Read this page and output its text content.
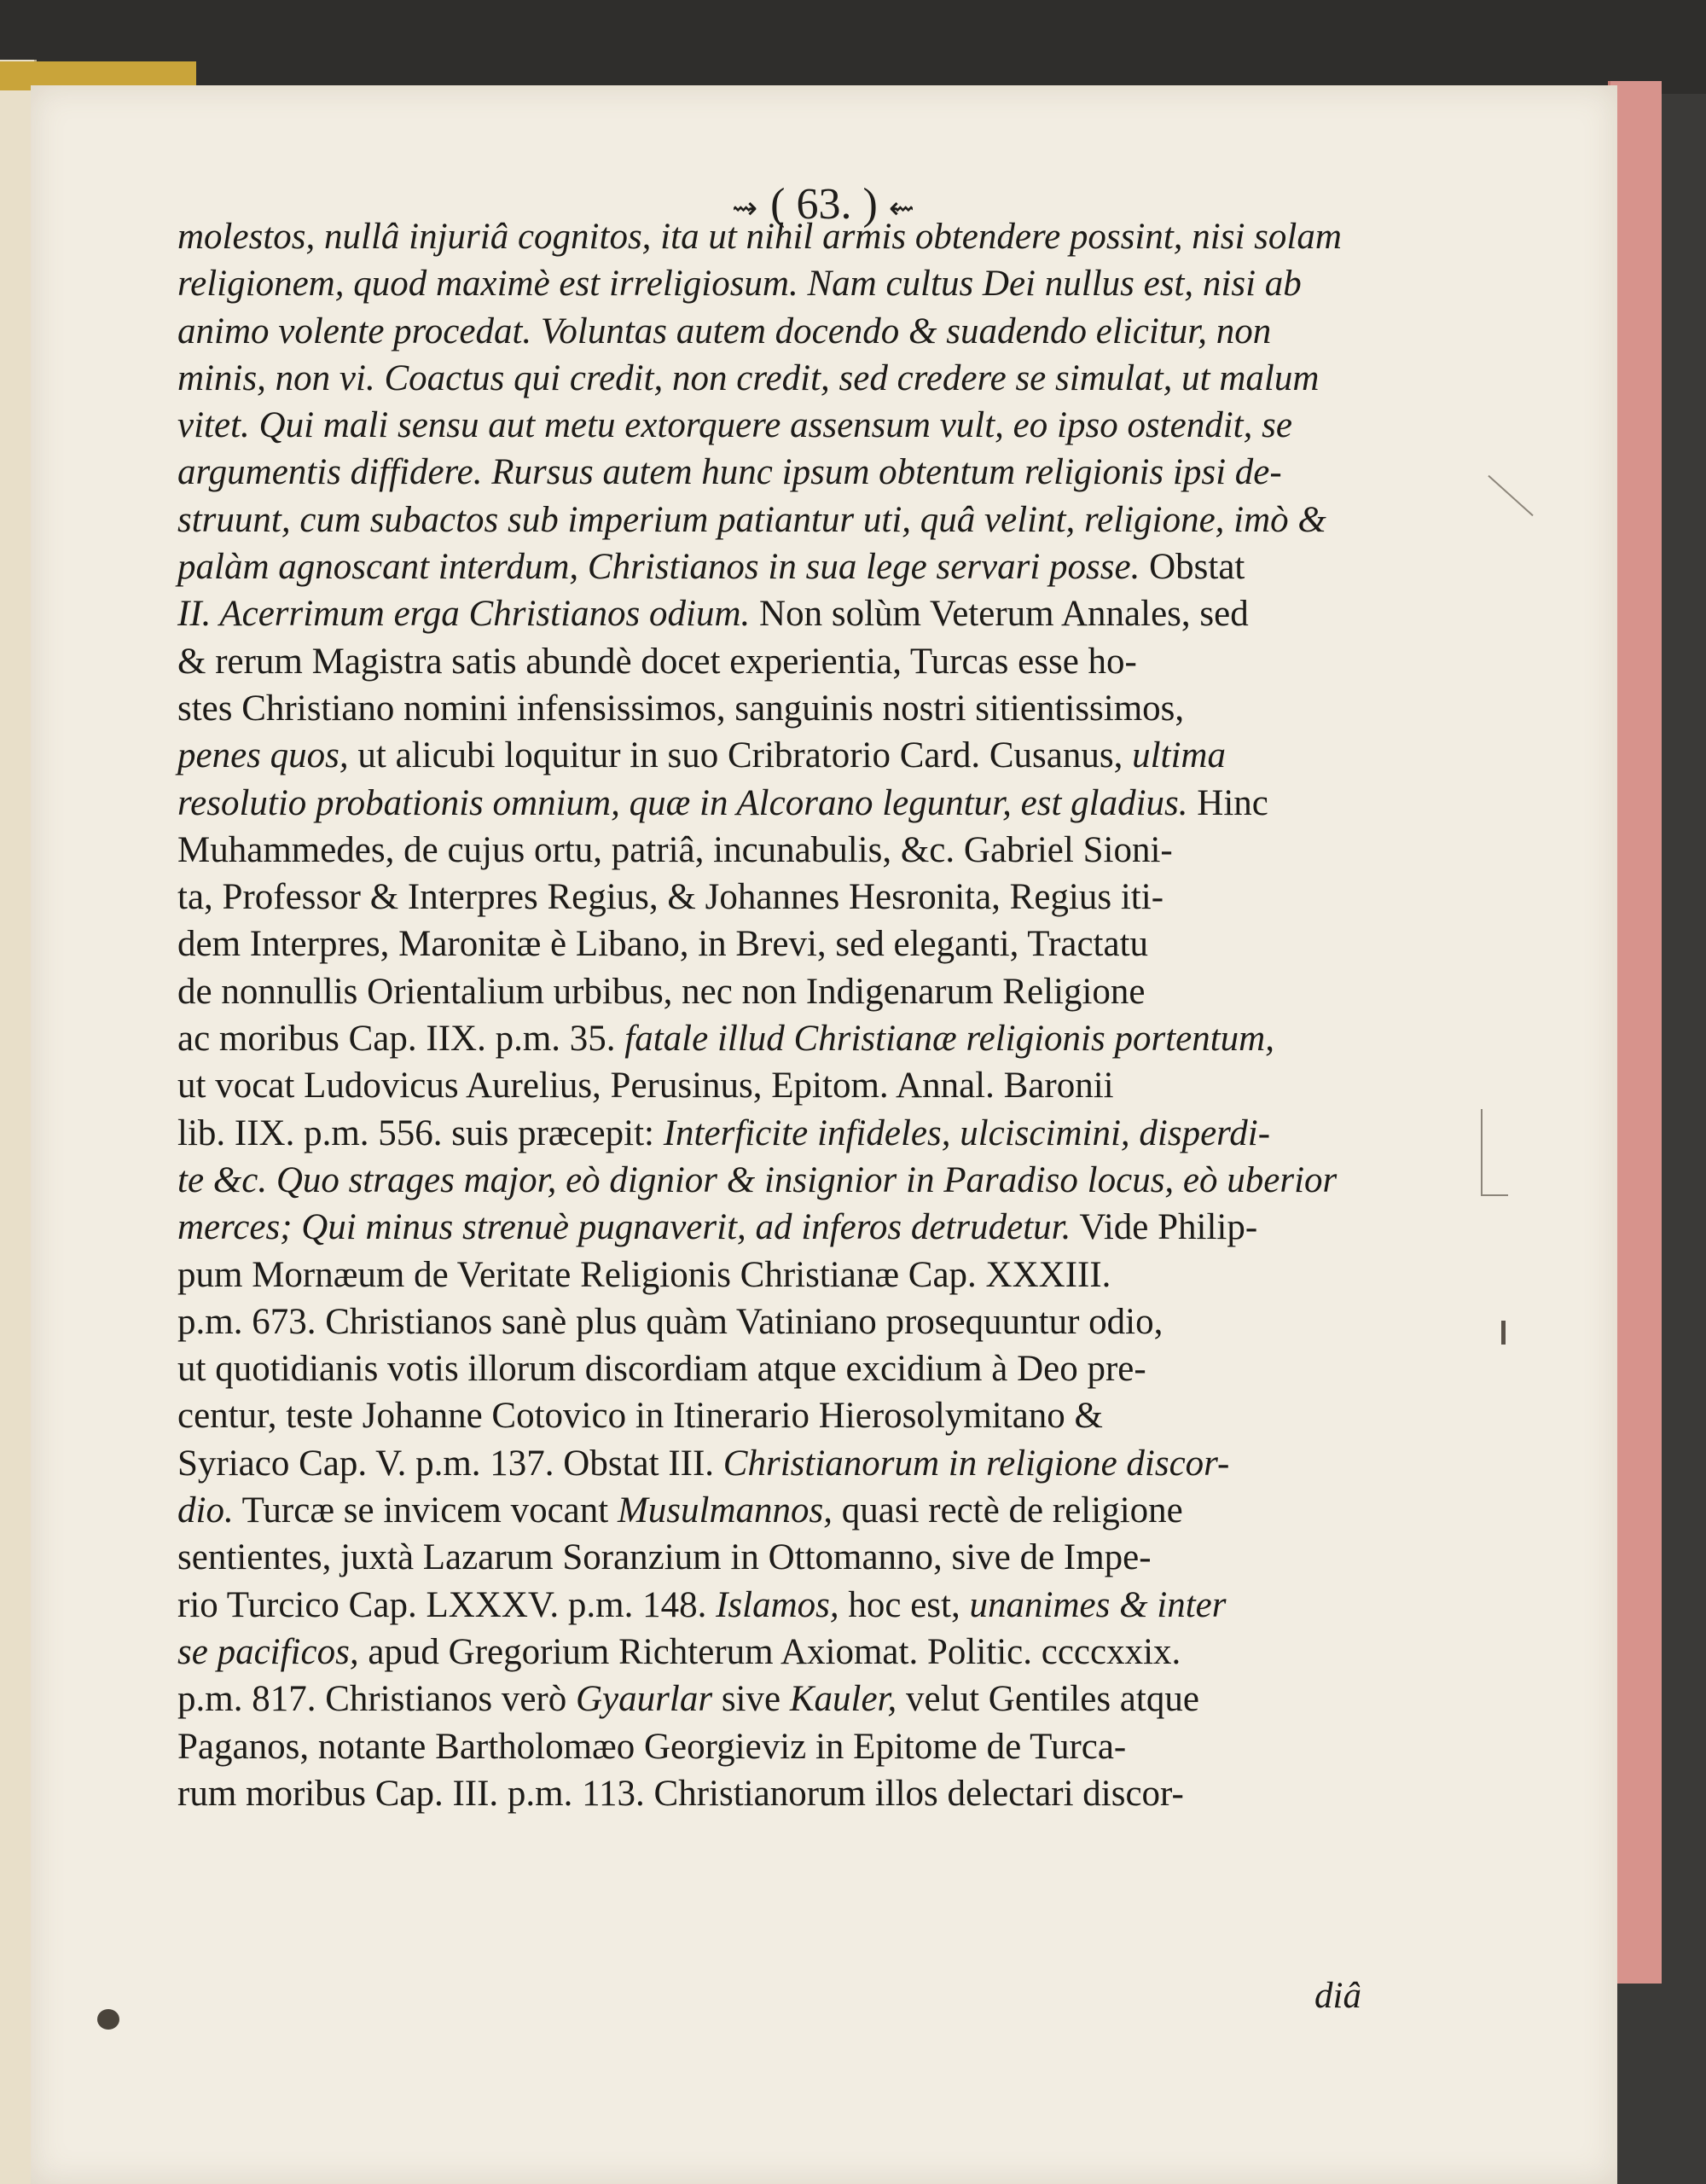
⇝ ( 63. ) ⇜
molestos, nullâ injuriâ cognitos, ita ut nihil armis obtendere possint, nisi solam
religionem, quod maximè est irreligiosum. Nam cultus Dei nullus est, nisi ab
animo volente procedat. Voluntas autem docendo & suadendo elicitur, non
minis, non vi. Coactus qui credit, non credit, sed credere se simulat, ut malum
vitet. Qui mali sensu aut metu extorquere assensum vult, eo ipso ostendit, se
argumentis diffidere. Rursus autem hunc ipsum obtentum religionis ipsi de-
struunt, cum subactos sub imperium patiantur uti, quâ velint, religione, imò &
palàm agnoscant interdum, Christianos in sua lege servari posse. Obstat
II. Acerrimum erga Christianos odium. Non solùm Veterum Annales, sed
& rerum Magistra satis abundè docet experientia, Turcas esse ho-
stes Christiano nomini infensissimos, sanguinis nostri sitientissimos,
penes quos, ut alicubi loquitur in suo Cribratorio Card. Cusanus, ultima
resolutio probationis omnium, quæ in Alcorano leguntur, est gladius. Hinc
Muhammedes, de cujus ortu, patriâ, incunabulis, &c. Gabriel Sioni-
ta, Professor & Interpres Regius, & Johannes Hesronita, Regius iti-
dem Interpres, Maronitæ è Libano, in Brevi, sed eleganti, Tractatu
de nonnullis Orientalium urbibus, nec non Indigenarum Religione
ac moribus Cap. IIX. p.m. 35. fatale illud Christianæ religionis portentum,
ut vocat Ludovicus Aurelius, Perusinus, Epitom. Annal. Baronii
lib. IIX. p.m. 556. suis præcepit: Interficite infideles, ulciscimini, disperdi-
te &c. Quo strages major, eò dignior & insignior in Paradiso locus, eò uberior
merces; Qui minus strenuè pugnaverit, ad inferos detrudetur. Vide Philip-
pum Mornæum de Veritate Religionis Christianæ Cap. XXXIII.
p.m. 673. Christianos sanè plus quàm Vatiniano prosequuntur odio,
ut quotidianis votis illorum discordiam atque excidium à Deo pre-
centur, teste Johanne Cotovico in Itinerario Hierosolymitano &
Syriaco Cap. V. p.m. 137. Obstat III. Christianorum in religione discor-
dio. Turcæ se invicem vocant Musulmannos, quasi rectè de religione
sentientes, juxtà Lazarum Soranzium in Ottomanno, sive de Impe-
rio Turcico Cap. LXXXV. p.m. 148. Islamos, hoc est, unanimes & inter
se pacificos, apud Gregorium Richterum Axiomat. Politic. ccccxxix.
p.m. 817. Christianos verò Gyaurlar sive Kauler, velut Gentiles atque
Paganos, notante Bartholomæo Georgieviz in Epitome de Turca-
rum moribus Cap. III. p.m. 113. Christianorum illos delectari discor-
diâ
